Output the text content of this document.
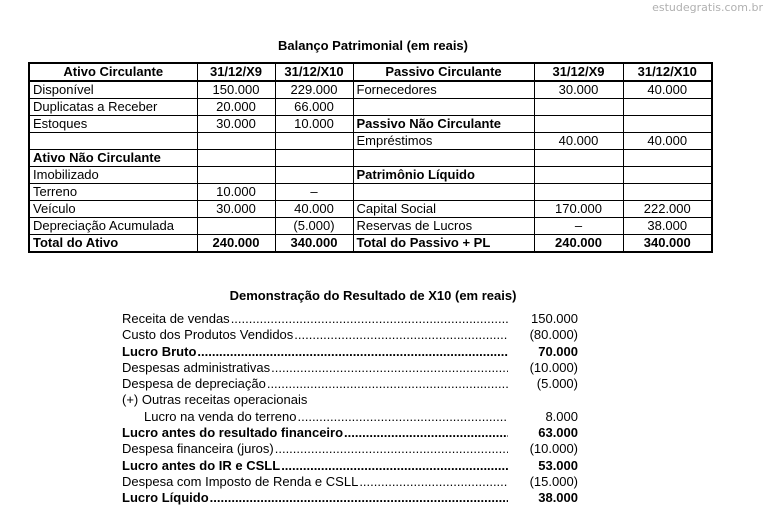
estudegratis.com.br
Balanço Patrimonial (em reais)
Ativo Circulante	31/12/X9	31/12/X10	Passivo Circulante	31/12/X9	31/12/X10
Disponível	150.000	229.000	Fornecedores	30.000	40.000
Duplicatas a Receber	20.000	66.000			
Estoques	30.000	10.000	Passivo Não Circulante		
			Empréstimos	40.000	40.000
Ativo Não Circulante					
Imobilizado			Patrimônio Líquido		
Terreno	10.000	–			
Veículo	30.000	40.000	Capital Social	170.000	222.000
Depreciação Acumulada		(5.000)	Reservas de Lucros	–	38.000
Total do Ativo	240.000	340.000	Total do Passivo + PL	240.000	340.000
Demonstração do Resultado de X10 (em reais)
Receita de vendas .....	150.000
Custo dos Produtos Vendidos .....	(80.000)
Lucro Bruto .....	70.000
Despesas administrativas .....	(10.000)
Despesa de depreciação .....	(5.000)
(+) Outras receitas operacionais
Lucro na venda do terreno .....	8.000
Lucro antes do resultado financeiro .....	63.000
Despesa financeira (juros) .....	(10.000)
Lucro antes do IR e CSLL .....	53.000
Despesa com Imposto de Renda e CSLL .....	(15.000)
Lucro Líquido .....	38.000
